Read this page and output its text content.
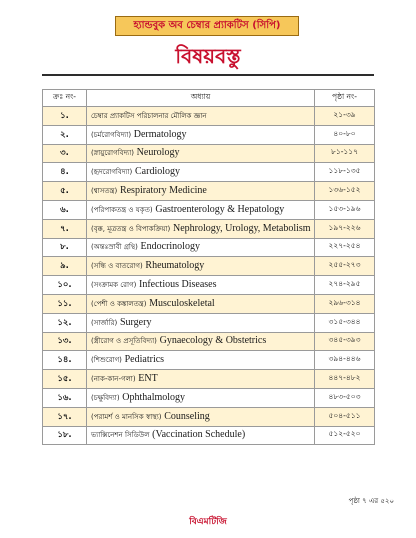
হ্যান্ডবুক অব চেম্বার প্র্যাকটিস (সিপি)
বিষয়বস্তু
ক্রঃ নং-	অধ্যায়	পৃষ্ঠা নং-
১.	চেম্বার প্র্যাকটিস পরিচালনার মৌলিক জ্ঞান	২১-৩৯
২.	(চর্মরোগবিদ্যা) Dermatology	৪০-৮০
৩.	(স্নায়ুরোগবিদ্যা) Neurology	৮১-১১৭
৪.	(হৃদরোগবিদ্যা) Cardiology	১১৮-১৩৫
৫.	(শ্বাসতন্ত্র) Respiratory Medicine	১৩৬-১৫২
৬.	(পরিপাকতন্ত্র ও যকৃত) Gastroenterology & Hepatology	১৫৩-১৯৬
৭.	(বৃক্ক, মূত্রতন্ত্র ও বিপাকক্রিয়া) Nephrology, Urology, Metabolism	১৯৭-২২৬
৮.	(অন্তঃস্রাবী গ্রন্থি) Endocrinology	২২৭-২৫৪
৯.	(সন্ধি ও বাতরোগ) Rheumatology	২৫৫-২৭৩
১০.	(সংক্রামক রোগ) Infectious Diseases	২৭৪-২৯৫
১১.	(পেশী ও কঙ্কালতন্ত্র) Musculoskeletal	২৯৬-৩১৪
১২.	(সার্জারি) Surgery	৩১৫-৩৪৪
১৩.	(স্ত্রীরোগ ও প্রসূতিবিদ্যা) Gynaecology & Obstetrics	৩৪৫-৩৯৩
১৪.	(শিশুরোগ) Pediatrics	৩৯৪-৪৪৬
১৫.	(নাক-কান-গলা) ENT	৪৪৭-৪৮২
১৬.	(চক্ষুবিদ্যা) Ophthalmology	৪৮৩-৫০৩
১৭.	(পরামর্শ ও মানসিক স্বাস্থ্য) Counseling	৫০৪-৫১১
১৮.	ভ্যাক্সিনেশন সিডিউল (Vaccination Schedule)	৫১২-৫২০
পৃষ্ঠা ৭ এর ৫২০
বিএমটিজি
